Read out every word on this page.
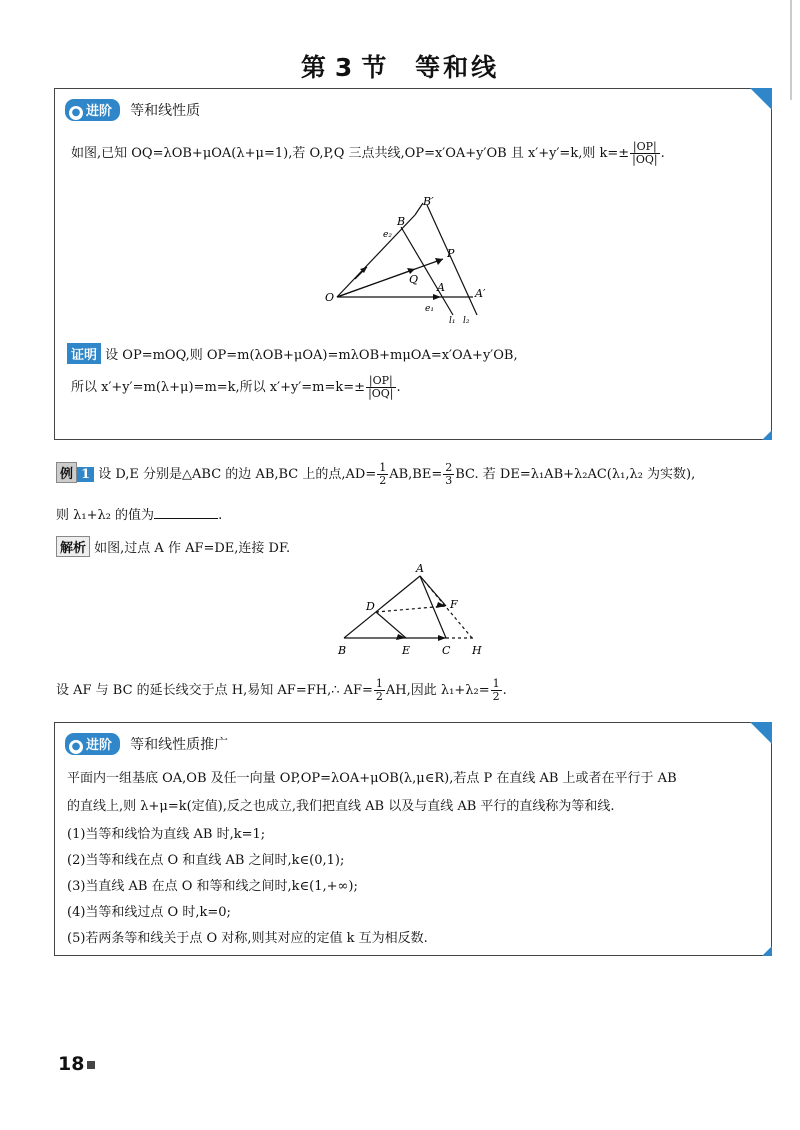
第 3 节 等和线
● 进阶 等和线性质
如图,已知 OQ=λOB+μOA(λ+μ=1),若 O,P,Q 三点共线,OP=x′OA+y′OB 且 x′+y′=k,则 $k=\pm \frac{|OP|}{|OQ|}$ .
O
A
B
P
Q
A′
B′
e₁
e₂
l₁ l₂
证明 设 OP=mOQ,则 OP=m(λOB+μOA)=mλOB+mμOA=x′OA+y′OB,
所以 x′+y′=m(λ+μ)=m=k,所以 $x'+y'=m=k=\pm \frac{|OP|}{|OQ|}$ .
例 1 设 D,E 分别是△ABC 的边 AB,BC 上的点$,AD= \frac{1}{2} AB,BE= \frac{2}{3}$ BC. 若 DE=λ₁AB+λ₂AC(λ₁,λ₂ 为实数),
则 λ₁+λ₂ 的值为	.
解析 如图,过点 A 作 AF=DE,连接 DF.
A
B	C
D
E
F
H
设 AF 与 BC 的延长线交于点 H,易知 AF=FH,∴ $AF= \frac{1}{2}$ AH,因此 $\lambda_1+\lambda_2= \frac{1}{2}$ .
● 进阶 等和线性质推广
平面内一组基底 OA,OB 及任一向量 OP,OP=λOA+μOB(λ,μ∈R),若点 P 在直线 AB 上或者在平行于 AB
的直线上,则 λ+μ=k(定值),反之也成立,我们把直线 AB 以及与直线 AB 平行的直线称为等和线.
(1)当等和线恰为直线 AB 时,k=1;
(2)当等和线在点 O 和直线 AB 之间时,k∈(0,1);
(3)当直线 AB 在点 O 和等和线之间时,k∈(1,+∞);
(4)当等和线过点 O 时,k=0;
(5)若两条等和线关于点 O 对称,则其对应的定值 k 互为相反数.
18
